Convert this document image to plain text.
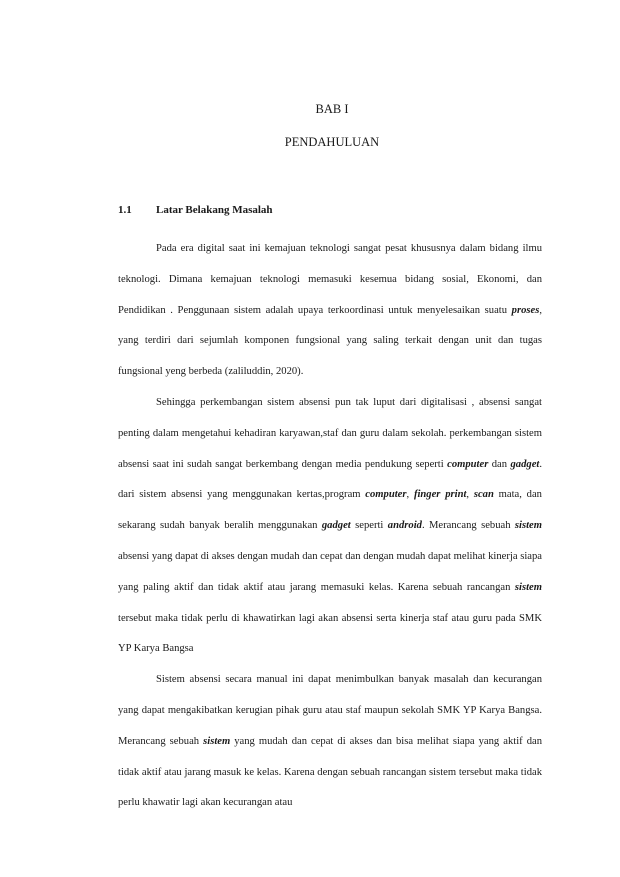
BAB I
PENDAHULUAN
1.1 Latar Belakang Masalah

Pada era digital saat ini kemajuan teknologi sangat pesat khususnya dalam bidang ilmu teknologi. Dimana kemajuan teknologi memasuki kesemua bidang sosial, Ekonomi, dan Pendidikan . Penggunaan sistem adalah upaya terkoordinasi untuk menyelesaikan suatu proses, yang terdiri dari sejumlah komponen fungsional yang saling terkait dengan unit dan tugas fungsional yeng berbeda (zaliluddin, 2020).

Sehingga perkembangan sistem absensi pun tak luput dari digitalisasi , absensi sangat penting dalam mengetahui kehadiran karyawan,staf dan guru dalam sekolah. perkembangan sistem absensi saat ini sudah sangat berkembang dengan media pendukung seperti computer dan gadget. dari sistem absensi yang menggunakan kertas,program computer, finger print, scan mata, dan sekarang sudah banyak beralih menggunakan gadget seperti android. Merancang sebuah sistem absensi yang dapat di akses dengan mudah dan cepat dan dengan mudah dapat melihat kinerja siapa yang paling aktif dan tidak aktif atau jarang memasuki kelas. Karena sebuah rancangan sistem tersebut maka tidak perlu di khawatirkan lagi akan absensi serta kinerja staf atau guru pada SMK YP Karya Bangsa

Sistem absensi secara manual ini dapat menimbulkan banyak masalah dan kecurangan yang dapat mengakibatkan kerugian pihak guru atau staf maupun sekolah SMK YP Karya Bangsa. Merancang sebuah sistem yang mudah dan cepat di akses dan bisa melihat siapa yang aktif dan tidak aktif atau jarang masuk ke kelas. Karena dengan sebuah rancangan sistem tersebut maka tidak perlu khawatir lagi akan kecurangan atau
